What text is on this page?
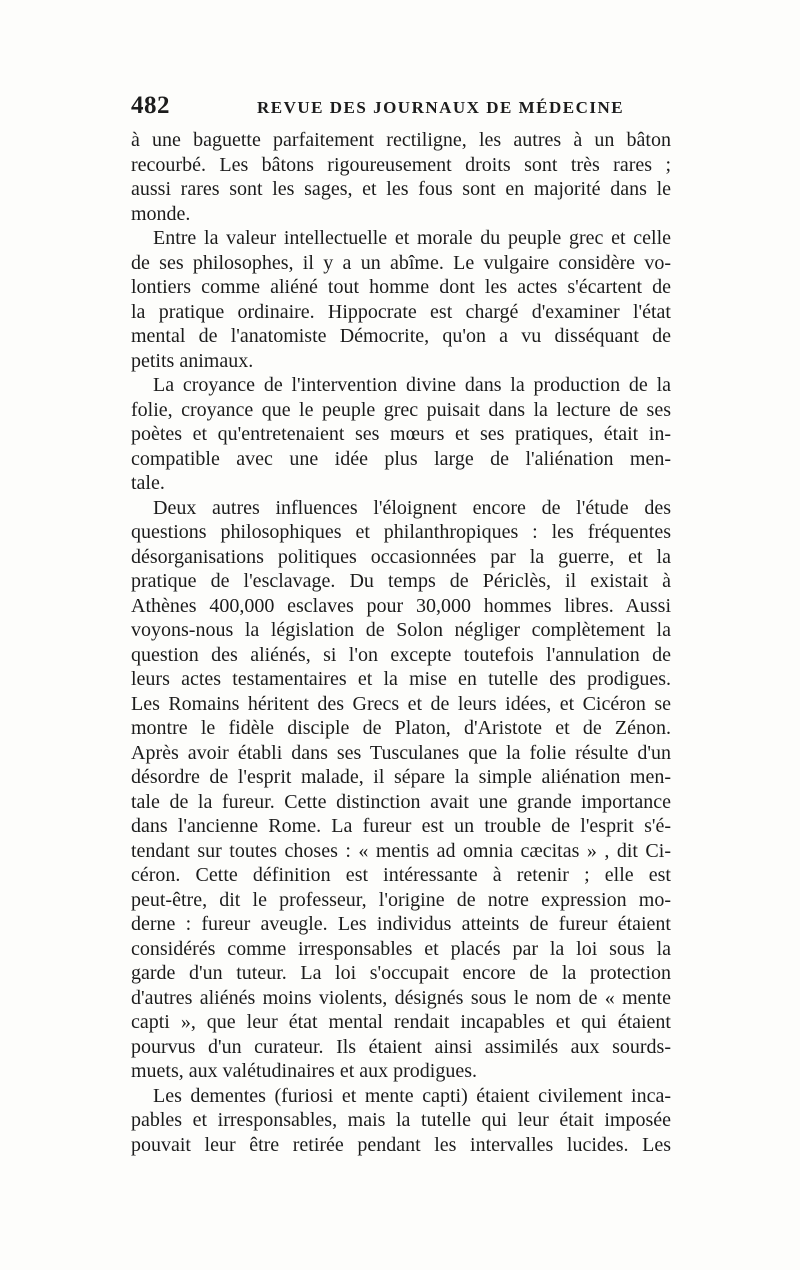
482	REVUE DES JOURNAUX DE MÉDECINE
à une baguette parfaitement rectiligne, les autres à un bâton
recourbé. Les bâtons rigoureusement droits sont très rares ;
aussi rares sont les sages, et les fous sont en majorité dans le
monde.
Entre la valeur intellectuelle et morale du peuple grec et celle
de ses philosophes, il y a un abîme. Le vulgaire considère vo-
lontiers comme aliéné tout homme dont les actes s'écartent de
la pratique ordinaire. Hippocrate est chargé d'examiner l'état
mental de l'anatomiste Démocrite, qu'on a vu disséquant de
petits animaux.
La croyance de l'intervention divine dans la production de la
folie, croyance que le peuple grec puisait dans la lecture de ses
poètes et qu'entretenaient ses mœurs et ses pratiques, était in-
compatible avec une idée plus large de l'aliénation men-
tale.
Deux autres influences l'éloignent encore de l'étude des
questions philosophiques et philanthropiques : les fréquentes
désorganisations politiques occasionnées par la guerre, et la
pratique de l'esclavage. Du temps de Périclès, il existait à
Athènes 400,000 esclaves pour 30,000 hommes libres. Aussi
voyons-nous la législation de Solon négliger complètement la
question des aliénés, si l'on excepte toutefois l'annulation de
leurs actes testamentaires et la mise en tutelle des prodigues.
Les Romains héritent des Grecs et de leurs idées, et Cicéron se
montre le fidèle disciple de Platon, d'Aristote et de Zénon.
Après avoir établi dans ses Tusculanes que la folie résulte d'un
désordre de l'esprit malade, il sépare la simple aliénation men-
tale de la fureur. Cette distinction avait une grande importance
dans l'ancienne Rome. La fureur est un trouble de l'esprit s'é-
tendant sur toutes choses : « mentis ad omnia cæcitas » , dit Ci-
céron. Cette définition est intéressante à retenir ; elle est
peut-être, dit le professeur, l'origine de notre expression mo-
derne : fureur aveugle. Les individus atteints de fureur étaient
considérés comme irresponsables et placés par la loi sous la
garde d'un tuteur. La loi s'occupait encore de la protection
d'autres aliénés moins violents, désignés sous le nom de « mente
capti », que leur état mental rendait incapables et qui étaient
pourvus d'un curateur. Ils étaient ainsi assimilés aux sourds-
muets, aux valétudinaires et aux prodigues.
Les dementes (furiosi et mente capti) étaient civilement inca-
pables et irresponsables, mais la tutelle qui leur était imposée
pouvait leur être retirée pendant les intervalles lucides. Les
